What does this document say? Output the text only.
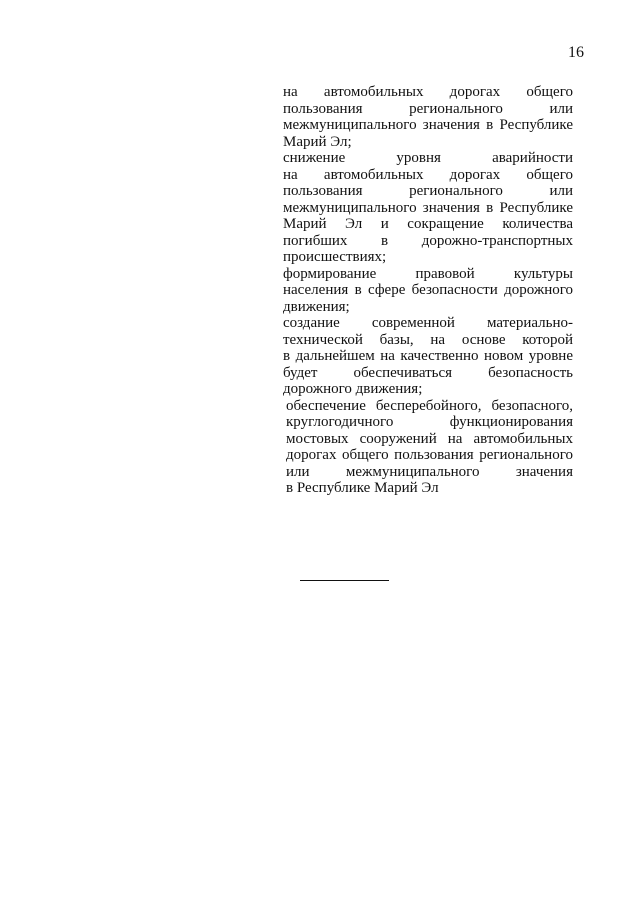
16
на автомобильных дорогах общего
пользования регионального или
межмуниципального значения в Республике
Марий Эл;
снижение уровня аварийности
на автомобильных дорогах общего
пользования регионального или
межмуниципального значения в Республике
Марий Эл и сокращение количества
погибших в дорожно-транспортных
происшествиях;
формирование правовой культуры
населения в сфере безопасности дорожного
движения;
создание современной материально-
технической базы, на основе которой
в дальнейшем на качественно новом уровне
будет обеспечиваться безопасность
дорожного движения;
обеспечение бесперебойного, безопасного,
круглогодичного функционирования
мостовых сооружений на автомобильных
дорогах общего пользования регионального
или межмуниципального значения
в Республике Марий Эл
